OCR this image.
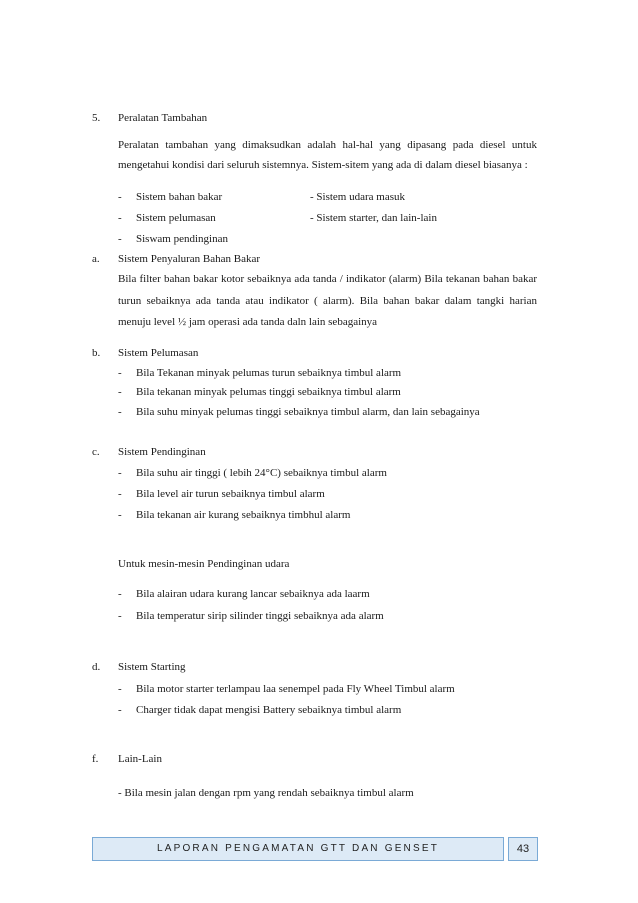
5. Peralatan Tambahan
Peralatan tambahan yang dimaksudkan adalah hal-hal yang dipasang pada diesel untuk
mengetahui kondisi dari seluruh sistemnya. Sistem-sitem yang ada di dalam diesel biasanya :
- Sistem bahan bakar	- Sistem udara masuk
- Sistem pelumasan	- Sistem starter, dan lain-lain
- Siswam pendinginan
a. Sistem Penyaluran Bahan Bakar
Bila filter bahan bakar kotor sebaiknya ada tanda / indikator (alarm) Bila tekanan bahan bakar
turun sebaiknya ada tanda atau indikator ( alarm). Bila bahan bakar dalam tangki harian
menuju level ½ jam operasi ada tanda daln lain sebagainya
b. Sistem Pelumasan
- Bila Tekanan minyak pelumas turun sebaiknya timbul alarm
- Bila tekanan minyak pelumas tinggi sebaiknya timbul alarm
- Bila suhu minyak pelumas tinggi sebaiknya timbul alarm, dan lain sebagainya
c. Sistem Pendinginan
- Bila suhu air tinggi ( lebih 24°C) sebaiknya timbul alarm
- Bila level air turun sebaiknya timbul alarm
- Bila tekanan air kurang sebaiknya timbhul alarm
Untuk mesin-mesin Pendinginan udara
- Bila alairan udara kurang lancar sebaiknya ada laarm
- Bila temperatur sirip silinder tinggi sebaiknya ada alarm
d. Sistem Starting
- Bila motor starter terlampau laa senempel pada Fly Wheel Timbul alarm
- Charger tidak dapat mengisi Battery sebaiknya timbul alarm
f. Lain-Lain
- Bila mesin jalan dengan rpm yang rendah sebaiknya timbul alarm
LAPORAN PENGAMATAN GTT DAN GENSET	43
